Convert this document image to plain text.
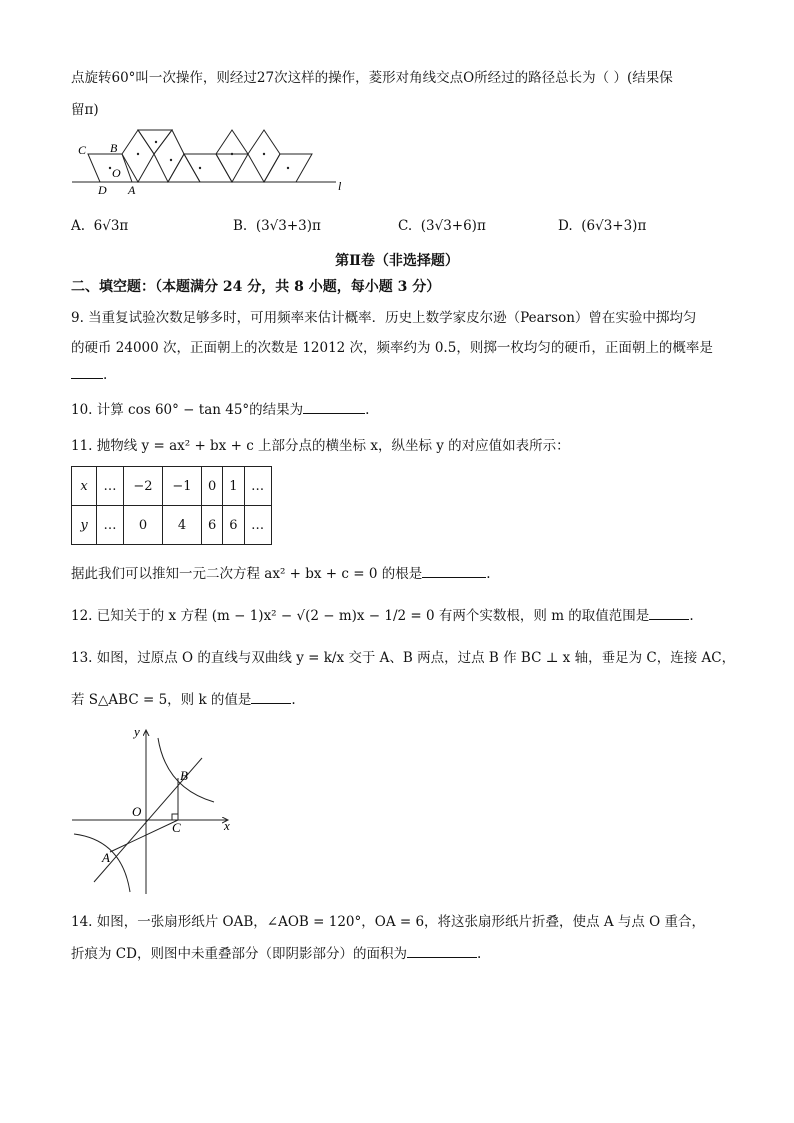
点旋转60°叫一次操作，则经过27次这样的操作，菱形对角线交点O所经过的路径总长为（ ）(结果保
留π)
C B
O
D A	l
A. 6√3π	B. (3√3+3)π	C. (3√3+6)π	D. (6√3+3)π
第Ⅱ卷（非选择题）
二、填空题：（本题满分 24 分，共 8 小题，每小题 3 分）
9. 当重复试验次数足够多时，可用频率来估计概率．历史上数学家皮尔逊（Pearson）曾在实验中掷均匀
的硬币 24000 次，正面朝上的次数是 12012 次，频率约为 0.5，则掷一枚均匀的硬币，正面朝上的概率是
.
10. 计算 cos 60° − tan 45°的结果为	.
11. 抛物线 y = ax² + bx + c 上部分点的横坐标 x，纵坐标 y 的对应值如表所示：
x	…	−2	−1	0	1	…
y	…	0	4	6	6	…
据此我们可以推知一元二次方程 ax² + bx + c = 0 的根是	.
12. 已知关于的 x 方程 (m − 1)x² − √(2 − m)x − 1/2 = 0 有两个实数根，则 m 的取值范围是	.
13. 如图，过原点 O 的直线与双曲线 y = k/x 交于 A、B 两点，过点 B 作 BC ⊥ x 轴，垂足为 C，连接 AC，
若 S△ABC = 5，则 k 的值是	.
y
x
O
B
C
A
14. 如图，一张扇形纸片 OAB，∠AOB = 120°，OA = 6，将这张扇形纸片折叠，使点 A 与点 O 重合，
折痕为 CD，则图中未重叠部分（即阴影部分）的面积为	.
